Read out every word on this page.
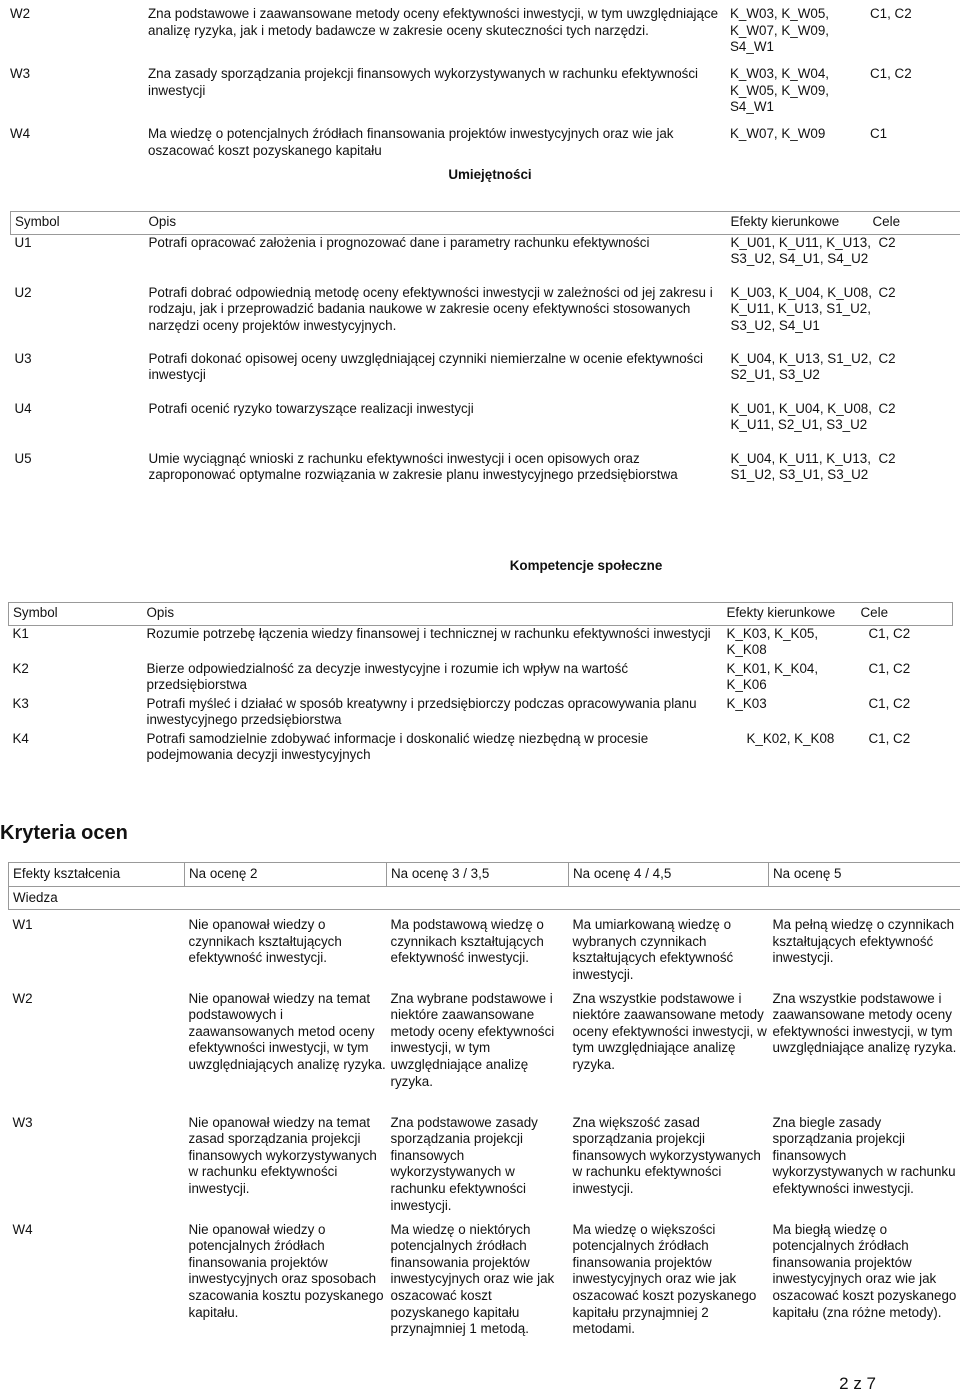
W2	Zna podstawowe i zaawansowane metody oceny efektywności inwestycji, w tym uwzględniające analizę ryzyka, jak i metody badawcze w zakresie oceny skuteczności tych narzędzi.	K_W03, K_W05, K_W07, K_W09, S4_W1	C1, C2
W3	Zna zasady sporządzania projekcji finansowych wykorzystywanych w rachunku efektywności inwestycji	K_W03, K_W04, K_W05, K_W09, S4_W1	C1, C2
W4	Ma wiedzę o potencjalnych źródłach finansowania projektów inwestycyjnych oraz wie jak oszacować koszt pozyskanego kapitału	K_W07, K_W09	C1
Umiejętności
Symbol	Opis	Efekty kierunkowe	Cele
U1	Potrafi opracować założenia i prognozować dane i parametry rachunku efektywności	K_U01, K_U11, K_U13, S3_U2, S4_U1, S4_U2	C2
U2	Potrafi dobrać odpowiednią metodę oceny efektywności inwestycji w zależności od jej zakresu i rodzaju, jak i przeprowadzić badania naukowe w zakresie oceny efektywności stosowanych narzędzi oceny projektów inwestycyjnych.	K_U03, K_U04, K_U08, K_U11, K_U13, S1_U2, S3_U2, S4_U1	C2
U3	Potrafi dokonać opisowej oceny uwzględniającej czynniki niemierzalne w ocenie efektywności inwestycji	K_U04, K_U13, S1_U2, S2_U1, S3_U2	C2
U4	Potrafi ocenić ryzyko towarzyszące realizacji inwestycji	K_U01, K_U04, K_U08, K_U11, S2_U1, S3_U2	C2
U5	Umie wyciągnąć wnioski z rachunku efektywności inwestycji i ocen opisowych oraz zaproponować optymalne rozwiązania w zakresie planu inwestycyjnego przedsiębiorstwa	K_U04, K_U11, K_U13, S1_U2, S3_U1, S3_U2	C2
Kompetencje społeczne
Symbol	Opis	Efekty kierunkowe	Cele
K1	Rozumie potrzebę łączenia wiedzy finansowej i technicznej w rachunku efektywności inwestycji	K_K03, K_K05, K_K08	C1, C2
K2	Bierze odpowiedzialność za decyzje inwestycyjne i rozumie ich wpływ na wartość przedsiębiorstwa	K_K01, K_K04, K_K06	C1, C2
K3	Potrafi myśleć i działać w sposób kreatywny i przedsiębiorczy podczas opracowywania planu inwestycyjnego przedsiębiorstwa	K_K03	C1, C2
K4	Potrafi samodzielnie zdobywać informacje i doskonalić wiedzę niezbędną w procesie podejmowania decyzji inwestycyjnych	K_K02, K_K08	C1, C2
Kryteria ocen
Efekty kształcenia	Na ocenę 2	Na ocenę 3 / 3,5	Na ocenę 4 / 4,5	Na ocenę 5
Wiedza				
W1	Nie opanował wiedzy o czynnikach kształtujących efektywność inwestycji.	Ma podstawową wiedzę o czynnikach kształtujących efektywność inwestycji.	Ma umiarkowaną wiedzę o wybranych czynnikach kształtujących efektywność inwestycji.	Ma pełną wiedzę o czynnikach kształtujących efektywność inwestycji.
W2	Nie opanował wiedzy na temat podstawowych i zaawansowanych metod oceny efektywności inwestycji, w tym uwzględniających analizę ryzyka.	Zna wybrane podstawowe i niektóre zaawansowane metody oceny efektywności inwestycji, w tym uwzględniające analizę ryzyka.	Zna wszystkie podstawowe i niektóre zaawansowane metody oceny efektywności inwestycji, w tym uwzględniające analizę ryzyka.	Zna wszystkie podstawowe i zaawansowane metody oceny efektywności inwestycji, w tym uwzględniające analizę ryzyka.
W3	Nie opanował wiedzy na temat zasad sporządzania projekcji finansowych wykorzystywanych w rachunku efektywności inwestycji.	Zna podstawowe zasady sporządzania projekcji finansowych wykorzystywanych w rachunku efektywności inwestycji.	Zna większość zasad sporządzania projekcji finansowych wykorzystywanych w rachunku efektywności inwestycji.	Zna biegle zasady sporządzania projekcji finansowych wykorzystywanych w rachunku efektywności inwestycji.
W4	Nie opanował wiedzy o potencjalnych źródłach finansowania projektów inwestycyjnych oraz sposobach szacowania kosztu pozyskanego kapitału.	Ma wiedzę o niektórych potencjalnych źródłach finansowania projektów inwestycyjnych oraz wie jak oszacować koszt pozyskanego kapitału przynajmniej 1 metodą.	Ma wiedzę o większości potencjalnych źródłach finansowania projektów inwestycyjnych oraz wie jak oszacować koszt pozyskanego kapitału przynajmniej 2 metodami.	Ma biegłą wiedzę o potencjalnych źródłach finansowania projektów inwestycyjnych oraz wie jak oszacować koszt pozyskanego kapitału (zna różne metody).
2 z 7
